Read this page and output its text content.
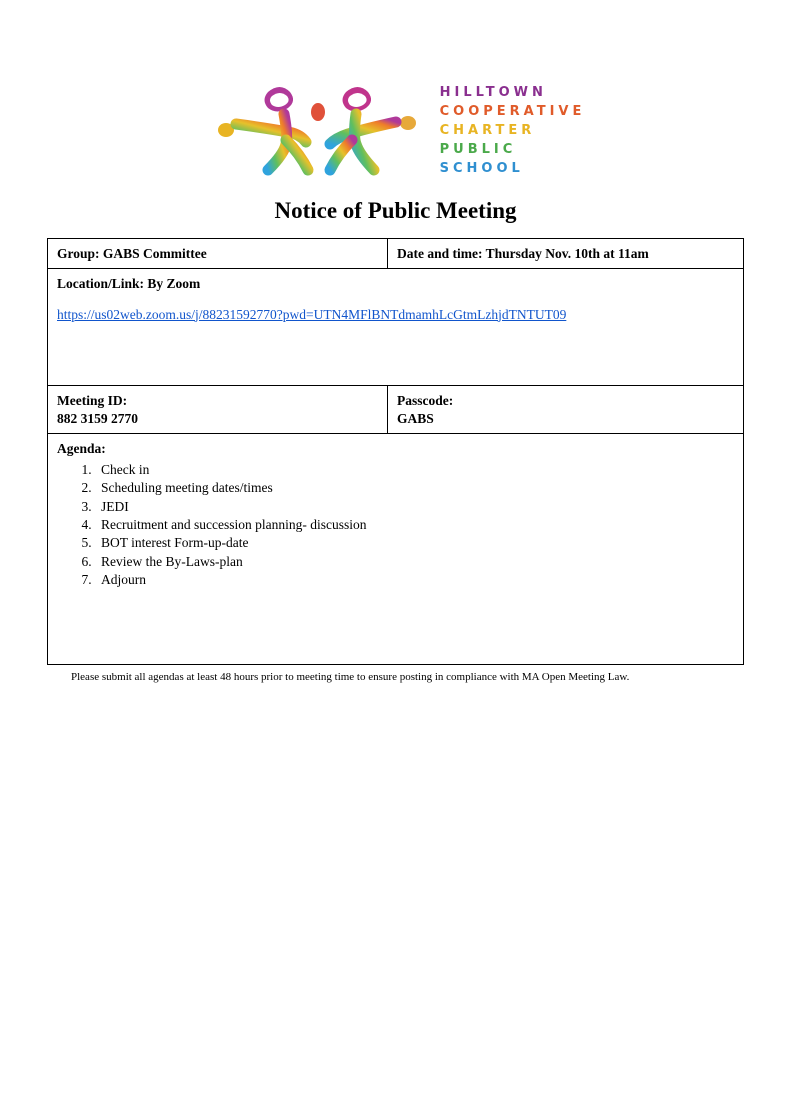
HILLTOWN
COOPERATIVE
CHARTER
PUBLIC
SCHOOL
Notice of Public Meeting
Group: GABS Committee	Date and time: Thursday Nov. 10th at 11am

Location/Link: By Zoom
https://us02web.zoom.us/j/88231592770?pwd=UTN4MFlBNTdmamhLcGtmLzhjdTNTUT09	

Meeting ID:
882 3159 2770

Passcode:
GABS

Agenda:
1. Check in
2. Scheduling meeting dates/times
3. JEDI
4. Recruitment and succession planning- discussion
5. BOT interest Form-up-date
6. Review the By-Laws-plan
7. Adjourn
Please submit all agendas at least 48 hours prior to meeting time to ensure posting in compliance with MA Open Meeting Law.
